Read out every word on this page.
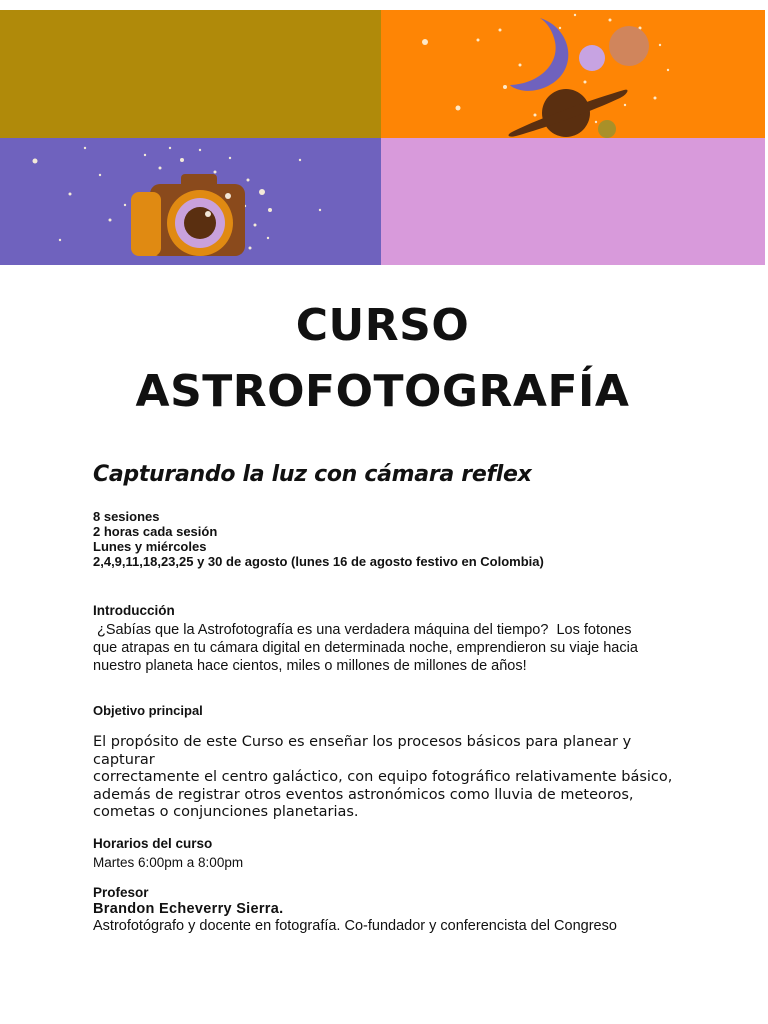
CURSO
ASTROFOTOGRAFÍA
Capturando la luz con cámara reflex
8 sesiones
2 horas cada sesión
Lunes y miércoles
2,4,9,11,18,23,25 y 30 de agosto (lunes 16 de agosto festivo en Colombia)
Introducción
¿Sabías que la Astrofotografía es una verdadera máquina del tiempo?  Los fotones
que atrapas en tu cámara digital en determinada noche, emprendieron su viaje hacia
nuestro planeta hace cientos, miles o millones de millones de años!
Objetivo principal
El propósito de este Curso es enseñar los procesos básicos para planear y capturar
correctamente el centro galáctico, con equipo fotográfico relativamente básico,
además de registrar otros eventos astronómicos como lluvia de meteoros,
cometas o conjunciones planetarias.
Horarios del curso
Martes 6:00pm a 8:00pm
Profesor
Brandon Echeverry Sierra.
Astrofotógrafo y docente en fotografía. Co-fundador y conferencista del Congreso
